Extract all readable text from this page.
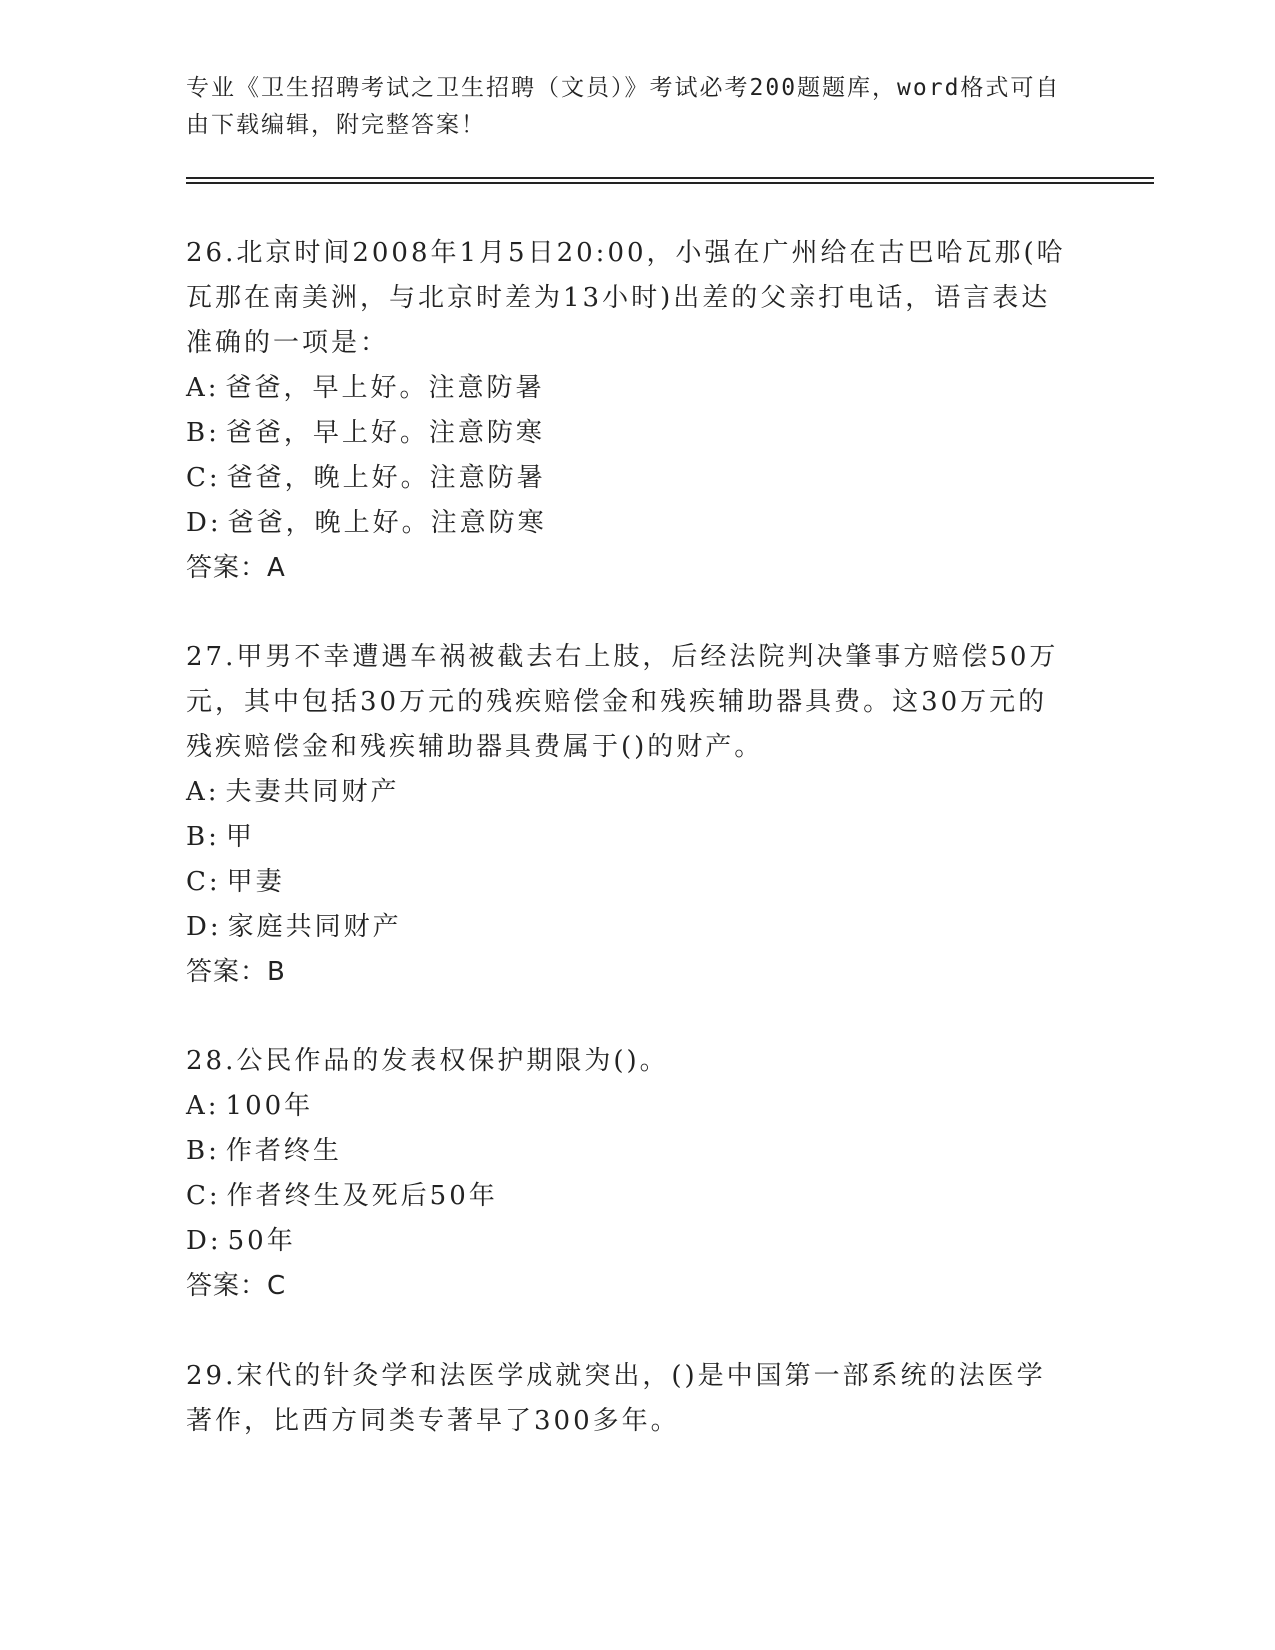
专业《卫生招聘考试之卫生招聘（文员）》考试必考200题题库，word格式可自由下载编辑，附完整答案！
26.北京时间2008年1月5日20:00，小强在广州给在古巴哈瓦那(哈瓦那在南美洲，与北京时差为13小时)出差的父亲打电话，语言表达准确的一项是：
A: 爸爸，早上好。注意防暑
B: 爸爸，早上好。注意防寒
C: 爸爸，晚上好。注意防暑
D: 爸爸，晚上好。注意防寒
答案：A
27.甲男不幸遭遇车祸被截去右上肢，后经法院判决肇事方赔偿50万元，其中包括30万元的残疾赔偿金和残疾辅助器具费。这30万元的残疾赔偿金和残疾辅助器具费属于()的财产。
A: 夫妻共同财产
B: 甲
C: 甲妻
D: 家庭共同财产
答案：B
28.公民作品的发表权保护期限为()。
A: 100年
B: 作者终生
C: 作者终生及死后50年
D: 50年
答案：C
29.宋代的针灸学和法医学成就突出，()是中国第一部系统的法医学著作，比西方同类专著早了300多年。
